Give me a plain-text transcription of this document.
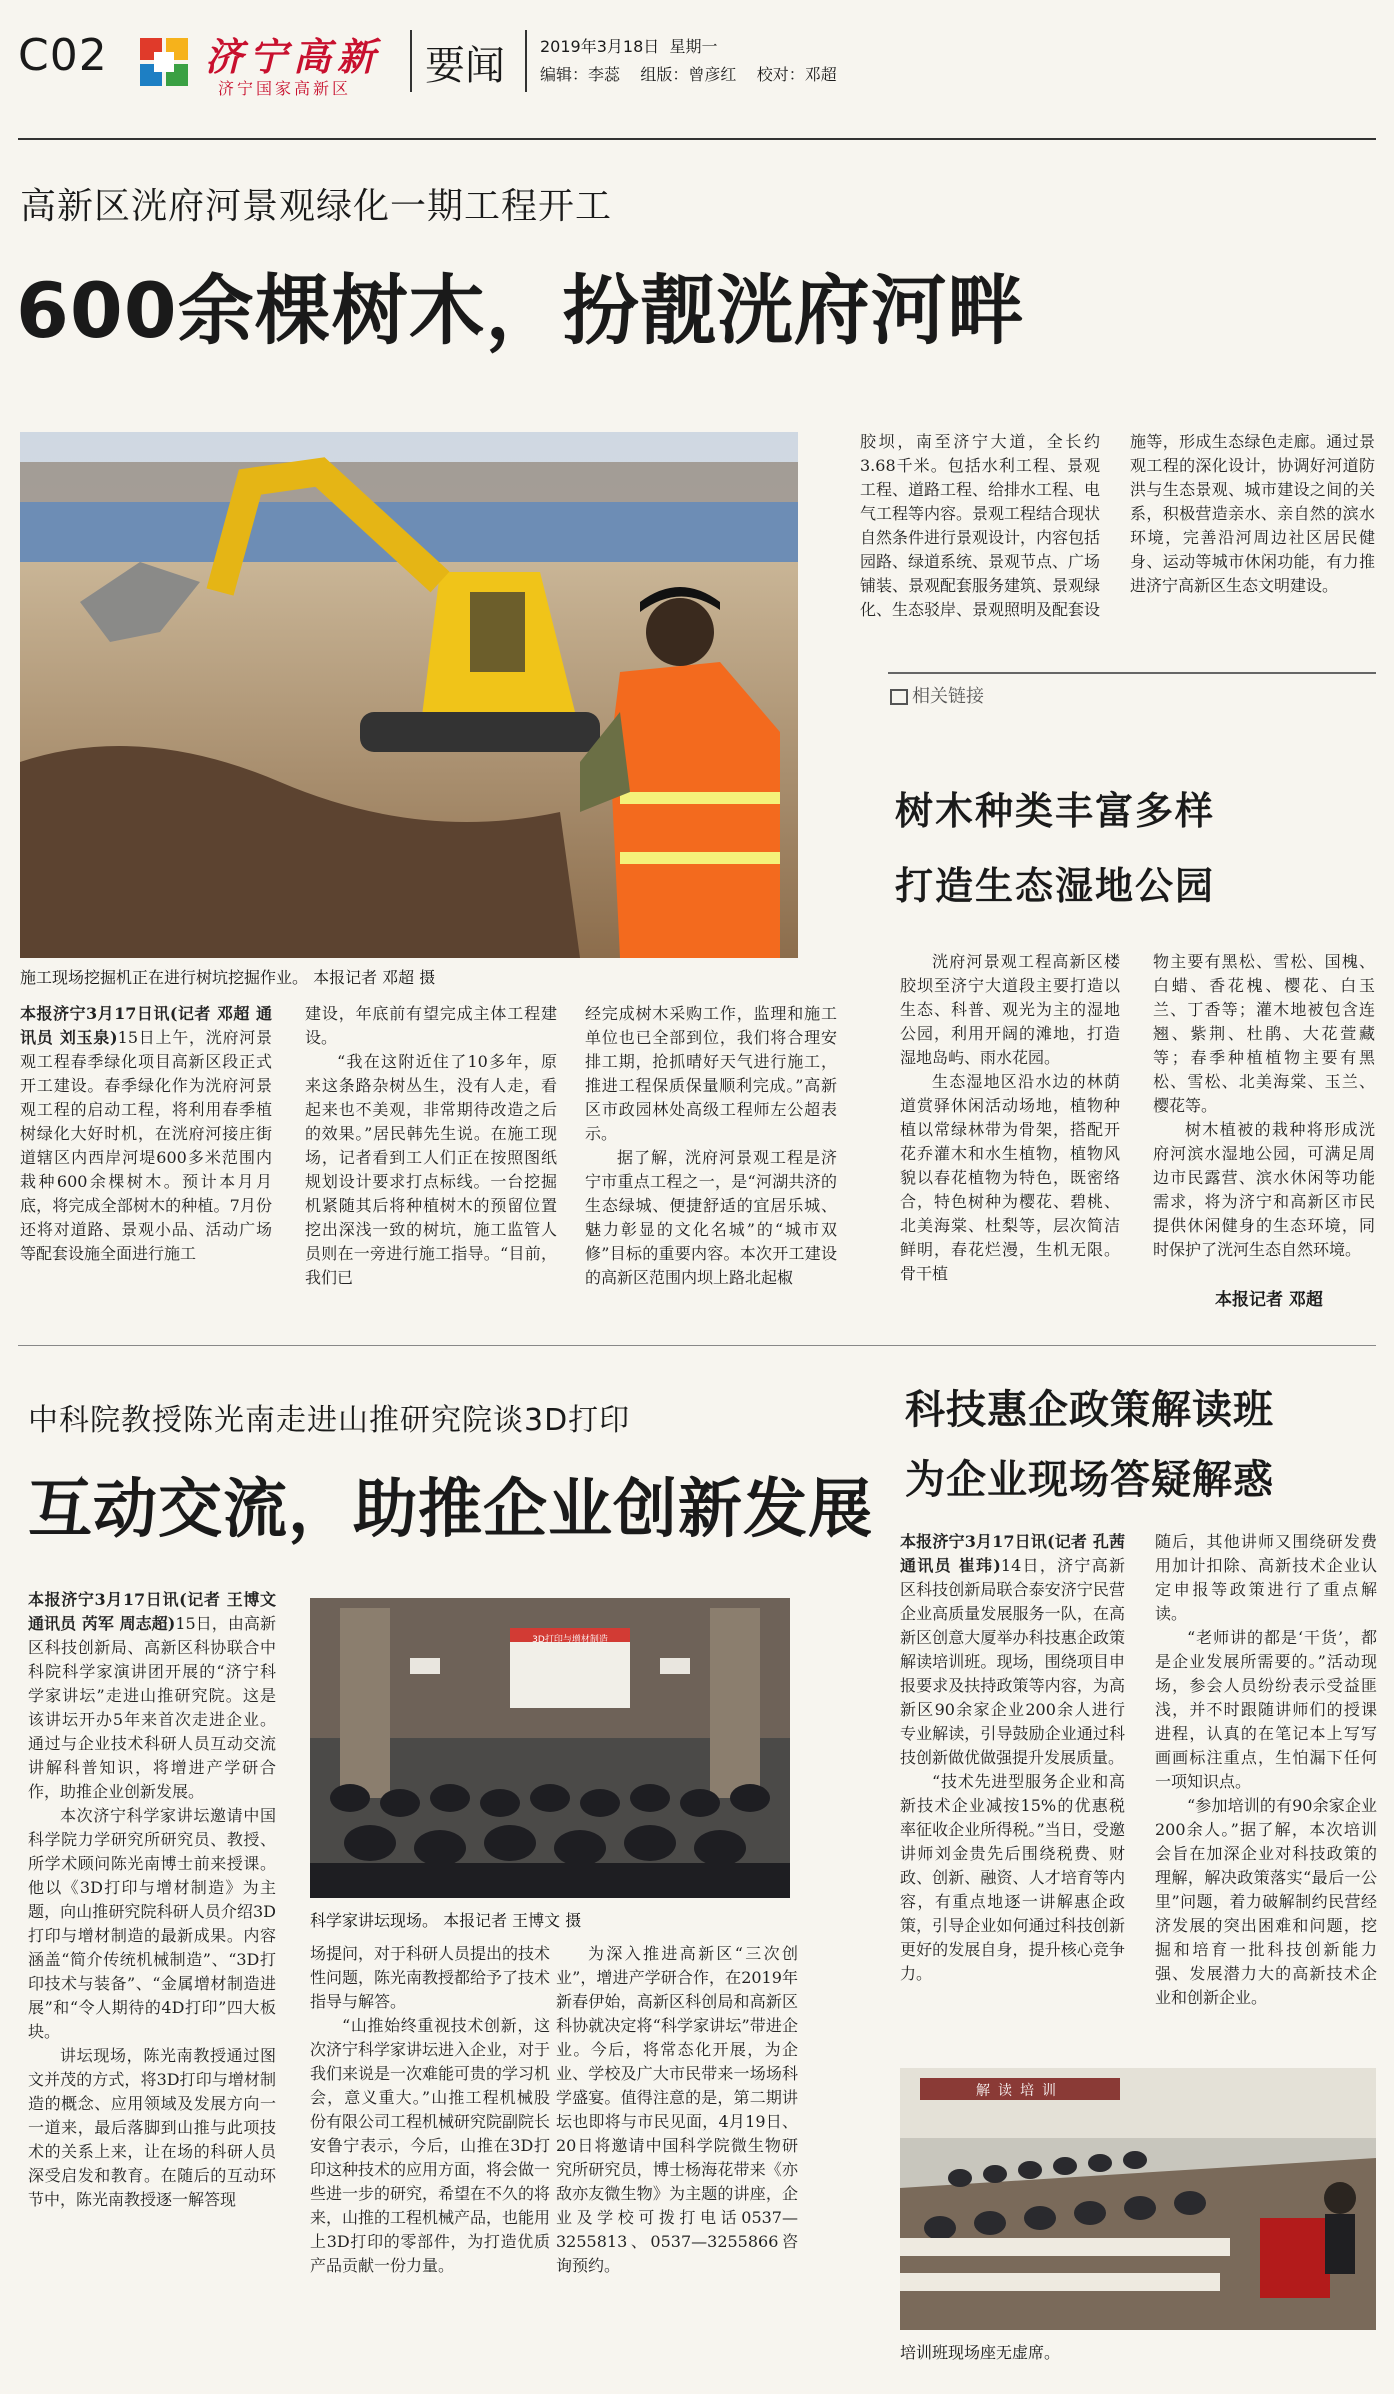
C02	济宁高新
济宁国家高新区 要闻 2019年3月18日 星期一
编辑：李蕊    组版：曾彦红    校对：邓超
高新区洸府河景观绿化一期工程开工
600余棵树木，扮靓洸府河畔
施工现场挖掘机正在进行树坑挖掘作业。 本报记者 邓超 摄

本报济宁3月17日讯(记者 邓超 通讯员 刘玉泉)15日上午，洸府河景观工程春季绿化项目高新区段正式开工建设。春季绿化作为洸府河景观工程的启动工程，将利用春季植树绿化大好时机，在洸府河接庄街道辖区内西岸河堤600多米范围内栽种600余棵树木。预计本月月底，将完成全部树木的种植。7月份还将对道路、景观小品、活动广场等配套设施全面进行施工

建设，年底前有望完成主体工程建设。

“我在这附近住了10多年，原来这条路杂树丛生，没有人走，看起来也不美观，非常期待改造之后的效果。”居民韩先生说。在施工现场，记者看到工人们正在按照图纸规划设计要求打点标线。一台挖掘机紧随其后将种植树木的预留位置挖出深浅一致的树坑，施工监管人员则在一旁进行施工指导。“目前，我们已

经完成树木采购工作，监理和施工单位也已全部到位，我们将合理安排工期，抢抓晴好天气进行施工，推进工程保质保量顺利完成。”高新区市政园林处高级工程师左公超表示。

据了解，洸府河景观工程是济宁市重点工程之一，是“河湖共济的生态绿城、便捷舒适的宜居乐城、魅力彰显的文化名城”的“城市双修”目标的重要内容。本次开工建设的高新区范围内坝上路北起椒

胶坝，南至济宁大道，全长约3.68千米。包括水利工程、景观工程、道路工程、给排水工程、电气工程等内容。景观工程结合现状自然条件进行景观设计，内容包括园路、绿道系统、景观节点、广场铺装、景观配套服务建筑、景观绿化、生态驳岸、景观照明及配套设

施等，形成生态绿色走廊。通过景观工程的深化设计，协调好河道防洪与生态景观、城市建设之间的关系，积极营造亲水、亲自然的滨水环境，完善沿河周边社区居民健身、运动等城市休闲功能，有力推进济宁高新区生态文明建设。

相关链接
树木种类丰富多样
打造生态湿地公园

洸府河景观工程高新区楼胶坝至济宁大道段主要打造以生态、科普、观光为主的湿地公园，利用开阔的滩地，打造湿地岛屿、雨水花园。

生态湿地区沿水边的林荫道赏驿休闲活动场地，植物种植以常绿林带为骨架，搭配开花乔灌木和水生植物，植物风貌以春花植物为特色，既密络合，特色树种为樱花、碧桃、北美海棠、杜梨等，层次简洁鲜明，春花烂漫，生机无限。骨干植

物主要有黑松、雪松、国槐、白蜡、香花槐、樱花、白玉兰、丁香等；灌木地被包含连翘、紫荆、杜鹃、大花萱藏等；春季种植植物主要有黑松、雪松、北美海棠、玉兰、樱花等。

树木植被的栽种将形成洸府河滨水湿地公园，可满足周边市民露营、滨水休闲等功能需求，将为济宁和高新区市民提供休闲健身的生态环境，同时保护了洸河生态自然环境。

本报记者 邓超
中科院教授陈光南走进山推研究院谈3D打印
互动交流，助推企业创新发展

本报济宁3月17日讯(记者 王博文 通讯员 芮军 周志超)15日，由高新区科技创新局、高新区科协联合中科院科学家演讲团开展的“济宁科学家讲坛”走进山推研究院。这是该讲坛开办5年来首次走进企业。通过与企业技术科研人员互动交流讲解科普知识，将增进产学研合作，助推企业创新发展。

本次济宁科学家讲坛邀请中国科学院力学研究所研究员、教授、所学术顾问陈光南博士前来授课。他以《3D打印与增材制造》为主题，向山推研究院科研人员介绍3D打印与增材制造的最新成果。内容涵盖“简介传统机械制造”、“3D打印技术与装备”、“金属增材制造进展”和“令人期待的4D打印”四大板块。

讲坛现场，陈光南教授通过图文并茂的方式，将3D打印与增材制造的概念、应用领域及发展方向一一道来，最后落脚到山推与此项技术的关系上来，让在场的科研人员深受启发和教育。在随后的互动环节中，陈光南教授逐一解答现

3D打印与增材制造
科学家讲坛现场。 本报记者 王博文 摄

场提问，对于科研人员提出的技术性问题，陈光南教授都给予了技术指导与解答。

“山推始终重视技术创新，这次济宁科学家讲坛进入企业，对于我们来说是一次难能可贵的学习机会，意义重大。”山推工程机械股份有限公司工程机械研究院副院长安鲁宁表示，今后，山推在3D打印这种技术的应用方面，将会做一些进一步的研究，希望在不久的将来，山推的工程机械产品，也能用上3D打印的零部件，为打造优质产品贡献一份力量。

为深入推进高新区“三次创业”，增进产学研合作，在2019年新春伊始，高新区科创局和高新区科协就决定将“科学家讲坛”带进企业。今后，将常态化开展，为企业、学校及广大市民带来一场场科学盛宴。值得注意的是，第二期讲坛也即将与市民见面，4月19日、20日将邀请中国科学院微生物研究所研究员，博士杨海花带来《亦敌亦友微生物》为主题的讲座，企业及学校可拨打电话0537—3255813、0537—3255866咨询预约。

科技惠企政策解读班
为企业现场答疑解惑

本报济宁3月17日讯(记者 孔茜 通讯员 崔玮)14日，济宁高新区科技创新局联合泰安济宁民营企业高质量发展服务一队，在高新区创意大厦举办科技惠企政策解读培训班。现场，围绕项目申报要求及扶持政策等内容，为高新区90余家企业200余人进行专业解读，引导鼓励企业通过科技创新做优做强提升发展质量。

“技术先进型服务企业和高新技术企业减按15%的优惠税率征收企业所得税。”当日，受邀讲师刘金贵先后围绕税费、财政、创新、融资、人才培育等内容，有重点地逐一讲解惠企政策，引导企业如何通过科技创新更好的发展自身，提升核心竞争力。

随后，其他讲师又围绕研发费用加计扣除、高新技术企业认定申报等政策进行了重点解读。

“老师讲的都是‘干货’，都是企业发展所需要的。”活动现场，参会人员纷纷表示受益匪浅，并不时跟随讲师们的授课进程，认真的在笔记本上写写画画标注重点，生怕漏下任何一项知识点。

“参加培训的有90余家企业200余人。”据了解，本次培训会旨在加深企业对科技政策的理解，解决政策落实“最后一公里”问题，着力破解制约民营经济发展的突出困难和问题，挖掘和培育一批科技创新能力强、发展潜力大的高新技术企业和创新企业。

解读培训
培训班现场座无虚席。
